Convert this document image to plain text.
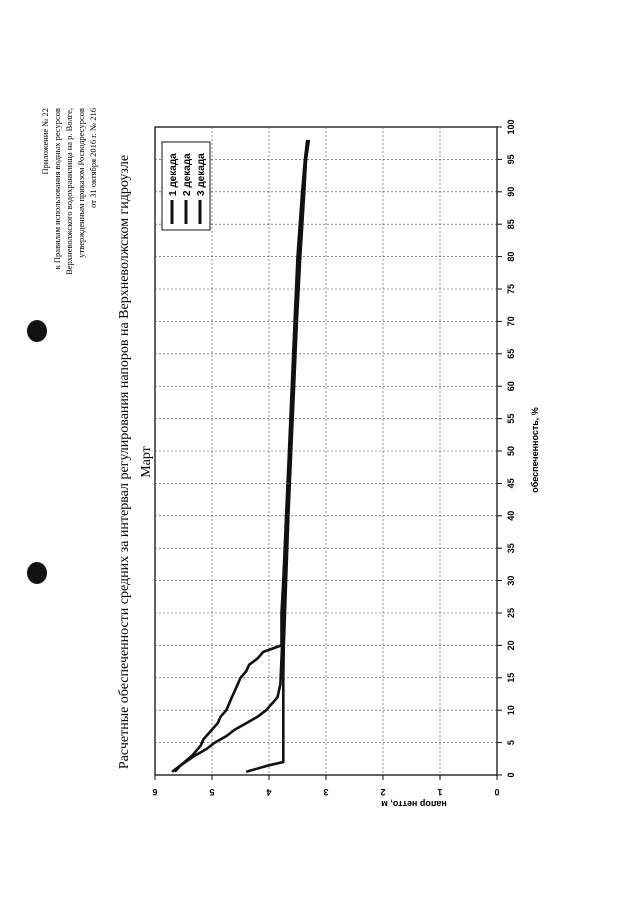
Приложение № 22 к Правилам использования водных ресурсов Верхневолжского водохранилища на р. Волге, утвержденным приказом Росводресурсов от 31 октября 2016 г. № 216 Расчетные обеспеченности средних за интервал регулирования напоров на Верхневолжском гидроузле Март
0
1
2
3
4
5
6
0
5
10
15
20
25
30
35
40
45
50
55
60
65
70
75
80
85
90
95
100
напор нетто, м
обеспеченность, %
1 декада 2 декада 3 декада
